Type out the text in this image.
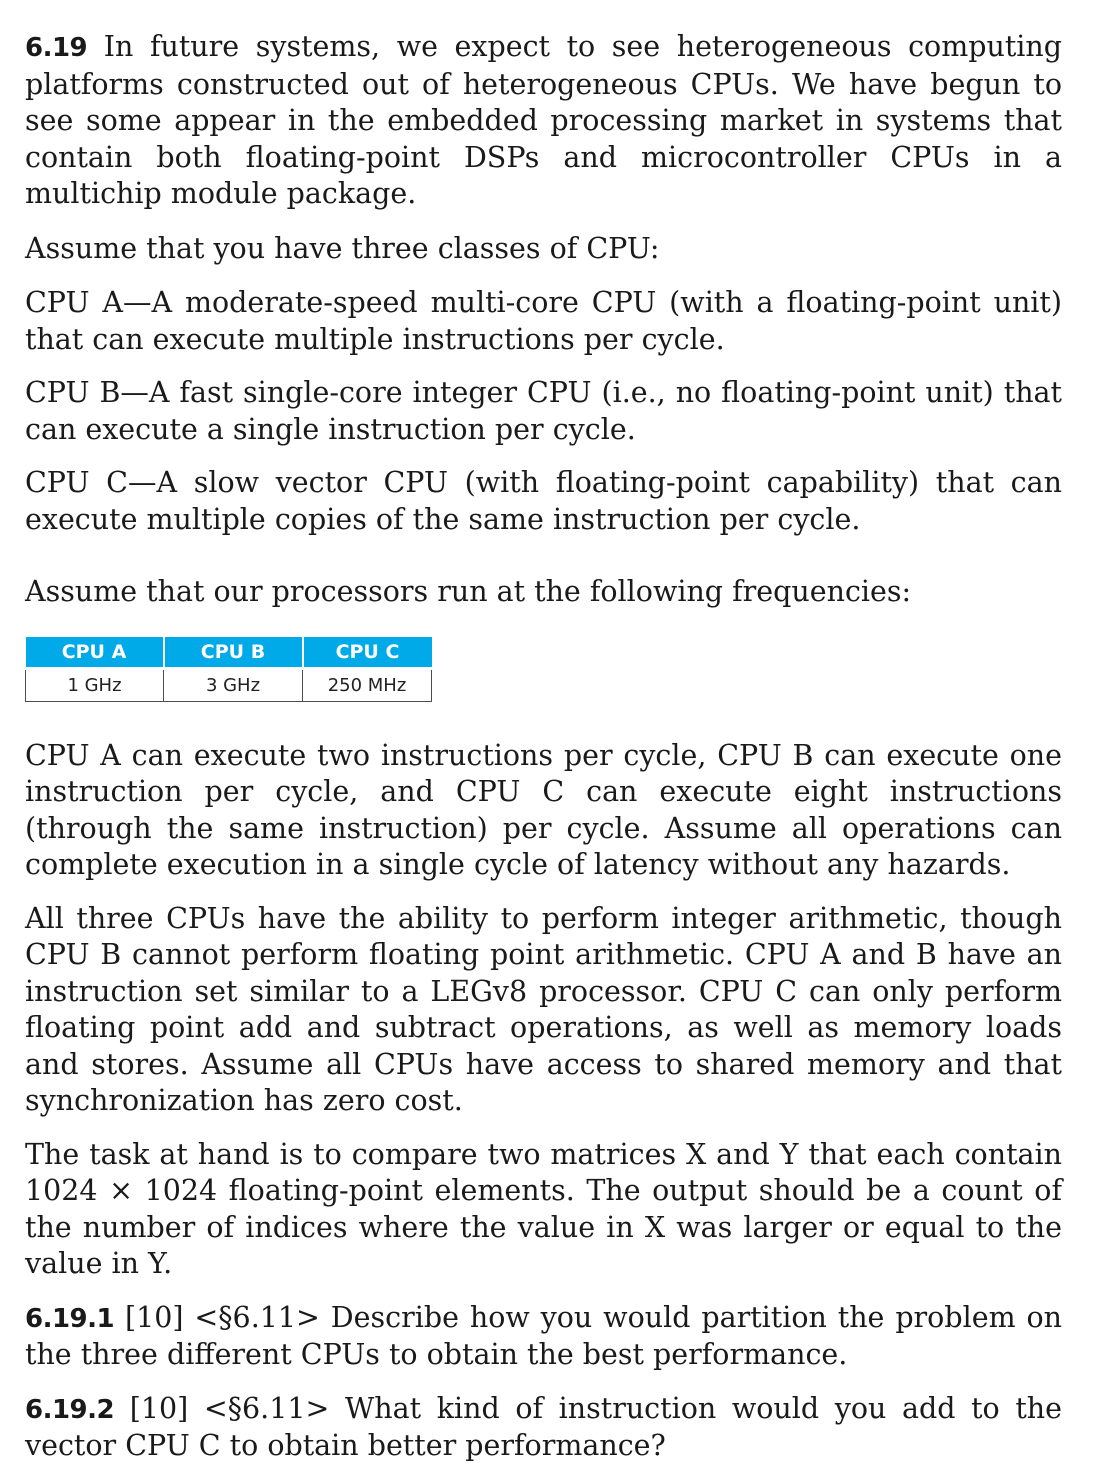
6.19 In future systems, we expect to see heterogeneous computing platforms constructed out of heterogeneous CPUs. We have begun to see some appear in the embedded processing market in systems that contain both floating-point DSPs and microcontroller CPUs in a multichip module package.

Assume that you have three classes of CPU:

CPU A—A moderate-speed multi-core CPU (with a floating-point unit) that can execute multiple instructions per cycle.

CPU B—A fast single-core integer CPU (i.e., no floating-point unit) that can execute a single instruction per cycle.

CPU C—A slow vector CPU (with floating-point capability) that can execute multiple copies of the same instruction per cycle.

Assume that our processors run at the following frequencies:

CPU A	CPU B	CPU C
1 GHz	3 GHz	250 MHz

CPU A can execute two instructions per cycle, CPU B can execute one instruction per cycle, and CPU C can execute eight instructions (through the same instruction) per cycle. Assume all operations can complete execution in a single cycle of latency without any hazards.

All three CPUs have the ability to perform integer arithmetic, though CPU B cannot perform floating point arithmetic. CPU A and B have an instruction set similar to a LEGv8 processor. CPU C can only perform floating point add and subtract operations, as well as memory loads and stores. Assume all CPUs have access to shared memory and that synchronization has zero cost.

The task at hand is to compare two matrices X and Y that each contain 1024 × 1024 floating-point elements. The output should be a count of the number of indices where the value in X was larger or equal to the value in Y.

6.19.1 [10] <§6.11> Describe how you would partition the problem on the three different CPUs to obtain the best performance.

6.19.2 [10] <§6.11> What kind of instruction would you add to the vector CPU C to obtain better performance?
